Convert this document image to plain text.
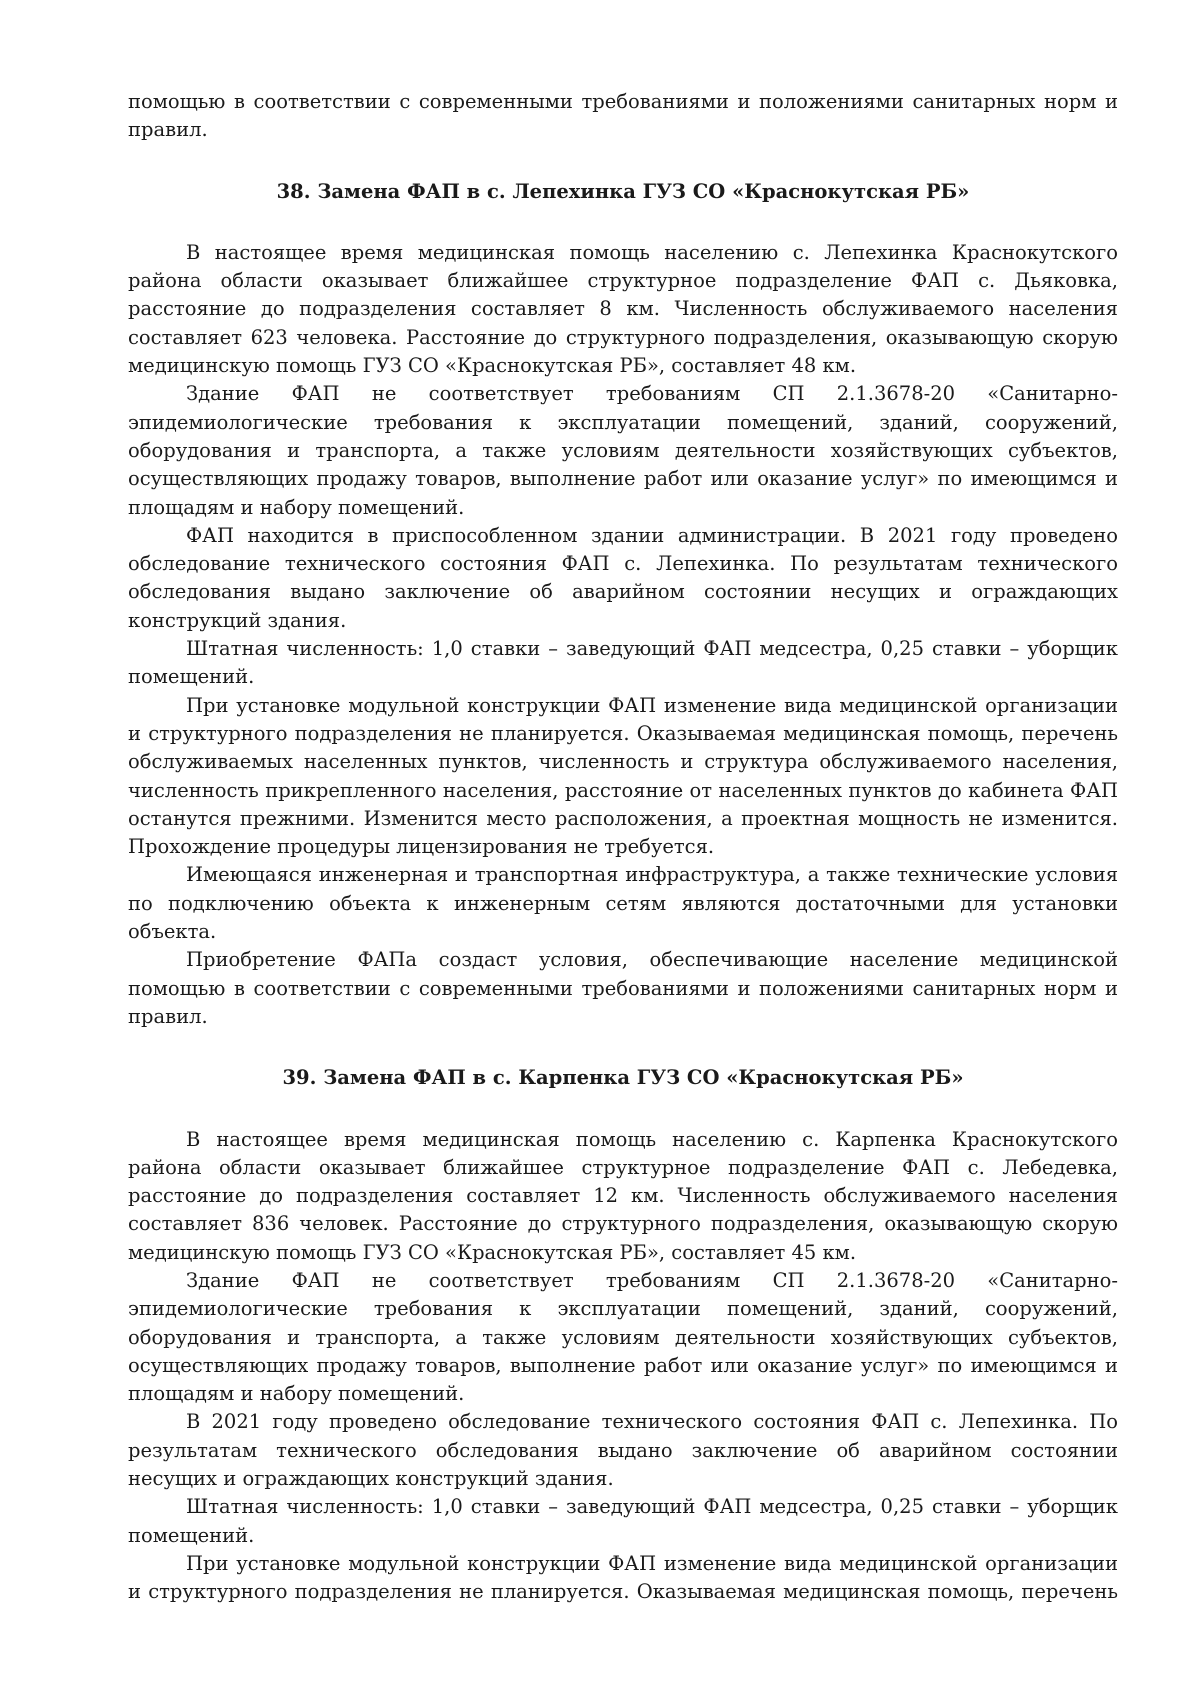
помощью в соответствии с современными требованиями и положениями санитарных норм и правил.

38. Замена ФАП в с. Лепехинка ГУЗ СО «Краснокутская РБ»

В настоящее время медицинская помощь населению с. Лепехинка Краснокутского района области оказывает ближайшее структурное подразделение ФАП с. Дьяковка, расстояние до подразделения составляет 8 км. Численность обслуживаемого населения составляет 623 человека. Расстояние до структурного подразделения, оказывающую скорую медицинскую помощь ГУЗ СО «Краснокутская РБ», составляет 48 км.

Здание ФАП не соответствует требованиям СП 2.1.3678-20 «Санитарно-эпидемиологические требования к эксплуатации помещений, зданий, сооружений, оборудования и транспорта, а также условиям деятельности хозяйствующих субъектов, осуществляющих продажу товаров, выполнение работ или оказание услуг» по имеющимся и площадям и набору помещений.

ФАП находится в приспособленном здании администрации. В 2021 году проведено обследование технического состояния ФАП с. Лепехинка. По результатам технического обследования выдано заключение об аварийном состоянии несущих и ограждающих конструкций здания.

Штатная численность: 1,0 ставки – заведующий ФАП медсестра, 0,25 ставки – уборщик помещений.

При установке модульной конструкции ФАП изменение вида медицинской организации и структурного подразделения не планируется. Оказываемая медицинская помощь, перечень обслуживаемых населенных пунктов, численность и структура обслуживаемого населения, численность прикрепленного населения, расстояние от населенных пунктов до кабинета ФАП останутся прежними. Изменится место расположения, а проектная мощность не изменится. Прохождение процедуры лицензирования не требуется.

Имеющаяся инженерная и транспортная инфраструктура, а также технические условия по подключению объекта к инженерным сетям являются достаточными для установки объекта.

Приобретение ФАПа создаст условия, обеспечивающие население медицинской помощью в соответствии с современными требованиями и положениями санитарных норм и правил.

39. Замена ФАП в с. Карпенка ГУЗ СО «Краснокутская РБ»

В настоящее время медицинская помощь населению с. Карпенка Краснокутского района области оказывает ближайшее структурное подразделение ФАП с. Лебедевка, расстояние до подразделения составляет 12 км. Численность обслуживаемого населения составляет 836 человек. Расстояние до структурного подразделения, оказывающую скорую медицинскую помощь ГУЗ СО «Краснокутская РБ», составляет 45 км.

Здание ФАП не соответствует требованиям СП 2.1.3678-20 «Санитарно-эпидемиологические требования к эксплуатации помещений, зданий, сооружений, оборудования и транспорта, а также условиям деятельности хозяйствующих субъектов, осуществляющих продажу товаров, выполнение работ или оказание услуг» по имеющимся и площадям и набору помещений.

В 2021 году проведено обследование технического состояния ФАП с. Лепехинка. По результатам технического обследования выдано заключение об аварийном состоянии несущих и ограждающих конструкций здания.

Штатная численность: 1,0 ставки – заведующий ФАП медсестра, 0,25 ставки – уборщик помещений.

При установке модульной конструкции ФАП изменение вида медицинской организации и структурного подразделения не планируется. Оказываемая медицинская помощь, перечень
